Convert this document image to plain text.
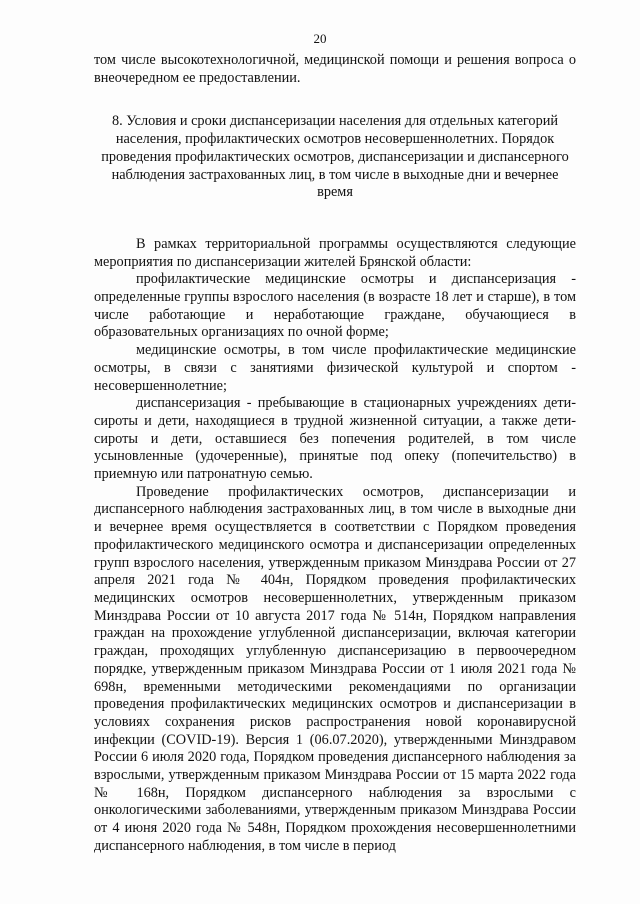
20

том числе высокотехнологичной, медицинской помощи и решения вопроса о внеочередном ее предоставлении.

8. Условия и сроки диспансеризации населения для отдельных категорий населения, профилактических осмотров несовершеннолетних. Порядок проведения профилактических осмотров, диспансеризации и диспансерного наблюдения застрахованных лиц, в том числе в выходные дни и вечернее время

В рамках территориальной программы осуществляются следующие мероприятия по диспансеризации жителей Брянской области:

профилактические медицинские осмотры и диспансеризация - определенные группы взрослого населения (в возрасте 18 лет и старше), в том числе работающие и неработающие граждане, обучающиеся в образовательных организациях по очной форме;

медицинские осмотры, в том числе профилактические медицинские осмотры, в связи с занятиями физической культурой и спортом - несовершеннолетние;

диспансеризация - пребывающие в стационарных учреждениях дети-сироты и дети, находящиеся в трудной жизненной ситуации, а также дети-сироты и дети, оставшиеся без попечения родителей, в том числе усыновленные (удочеренные), принятые под опеку (попечительство) в приемную или патронатную семью.

Проведение профилактических осмотров, диспансеризации и диспансерного наблюдения застрахованных лиц, в том числе в выходные дни и вечернее время осуществляется в соответствии с Порядком проведения профилактического медицинского осмотра и диспансеризации определенных групп взрослого населения, утвержденным приказом Минздрава России от 27 апреля 2021 года № 404н, Порядком проведения профилактических медицинских осмотров несовершеннолетних, утвержденным приказом Минздрава России от 10 августа 2017 года № 514н, Порядком направления граждан на прохождение углубленной диспансеризации, включая категории граждан, проходящих углубленную диспансеризацию в первоочередном порядке, утвержденным приказом Минздрава России от 1 июля 2021 года № 698н, временными методическими рекомендациями по организации проведения профилактических медицинских осмотров и диспансеризации в условиях сохранения рисков распространения новой коронавирусной инфекции (COVID-19). Версия 1 (06.07.2020), утвержденными Минздравом России 6 июля 2020 года, Порядком проведения диспансерного наблюдения за взрослыми, утвержденным приказом Минздрава России от 15 марта 2022 года № 168н, Порядком диспансерного наблюдения за взрослыми с онкологическими заболеваниями, утвержденным приказом Минздрава России от 4 июня 2020 года № 548н, Порядком прохождения несовершеннолетними диспансерного наблюдения, в том числе в период
